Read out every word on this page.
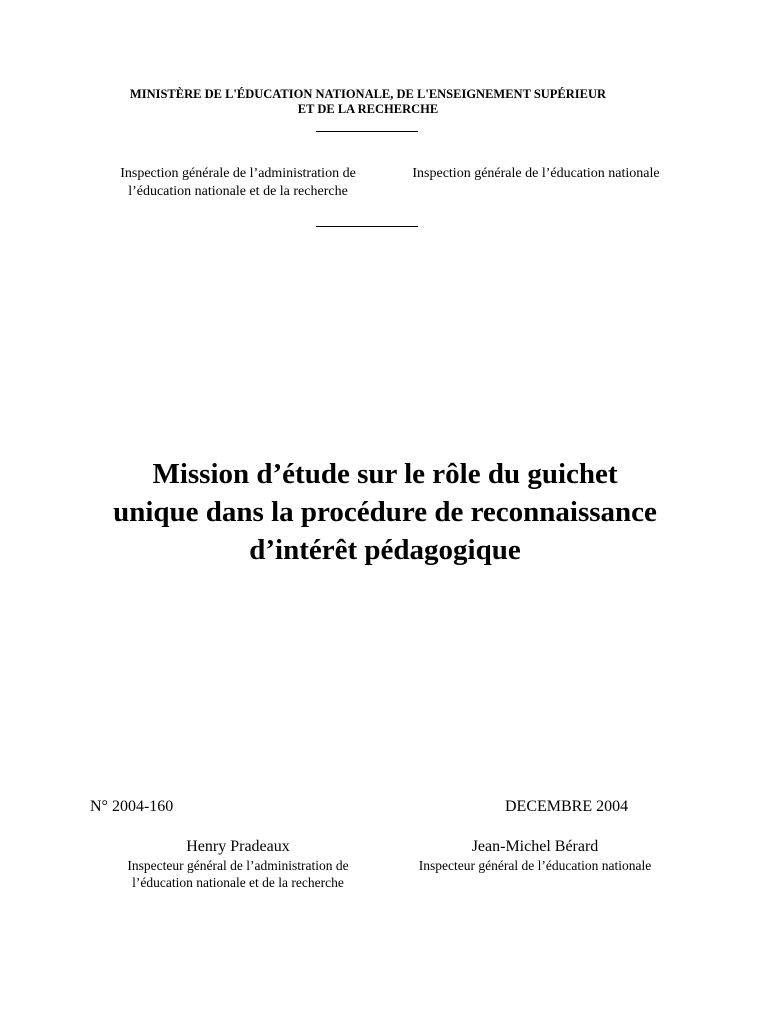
MINISTÈRE DE L'ÉDUCATION NATIONALE, DE L'ENSEIGNEMENT SUPÉRIEUR
ET DE LA RECHERCHE
Inspection générale de l’administration de
l’éducation nationale et de la recherche
Inspection générale de l’éducation nationale
Mission d’étude sur le rôle du guichet
unique dans la procédure de reconnaissance
d’intérêt pédagogique
N° 2004-160	DECEMBRE 2004
Henry Pradeaux
Inspecteur général de l’administration de
l’éducation nationale et de la recherche
Jean-Michel Bérard
Inspecteur général de l’éducation nationale
